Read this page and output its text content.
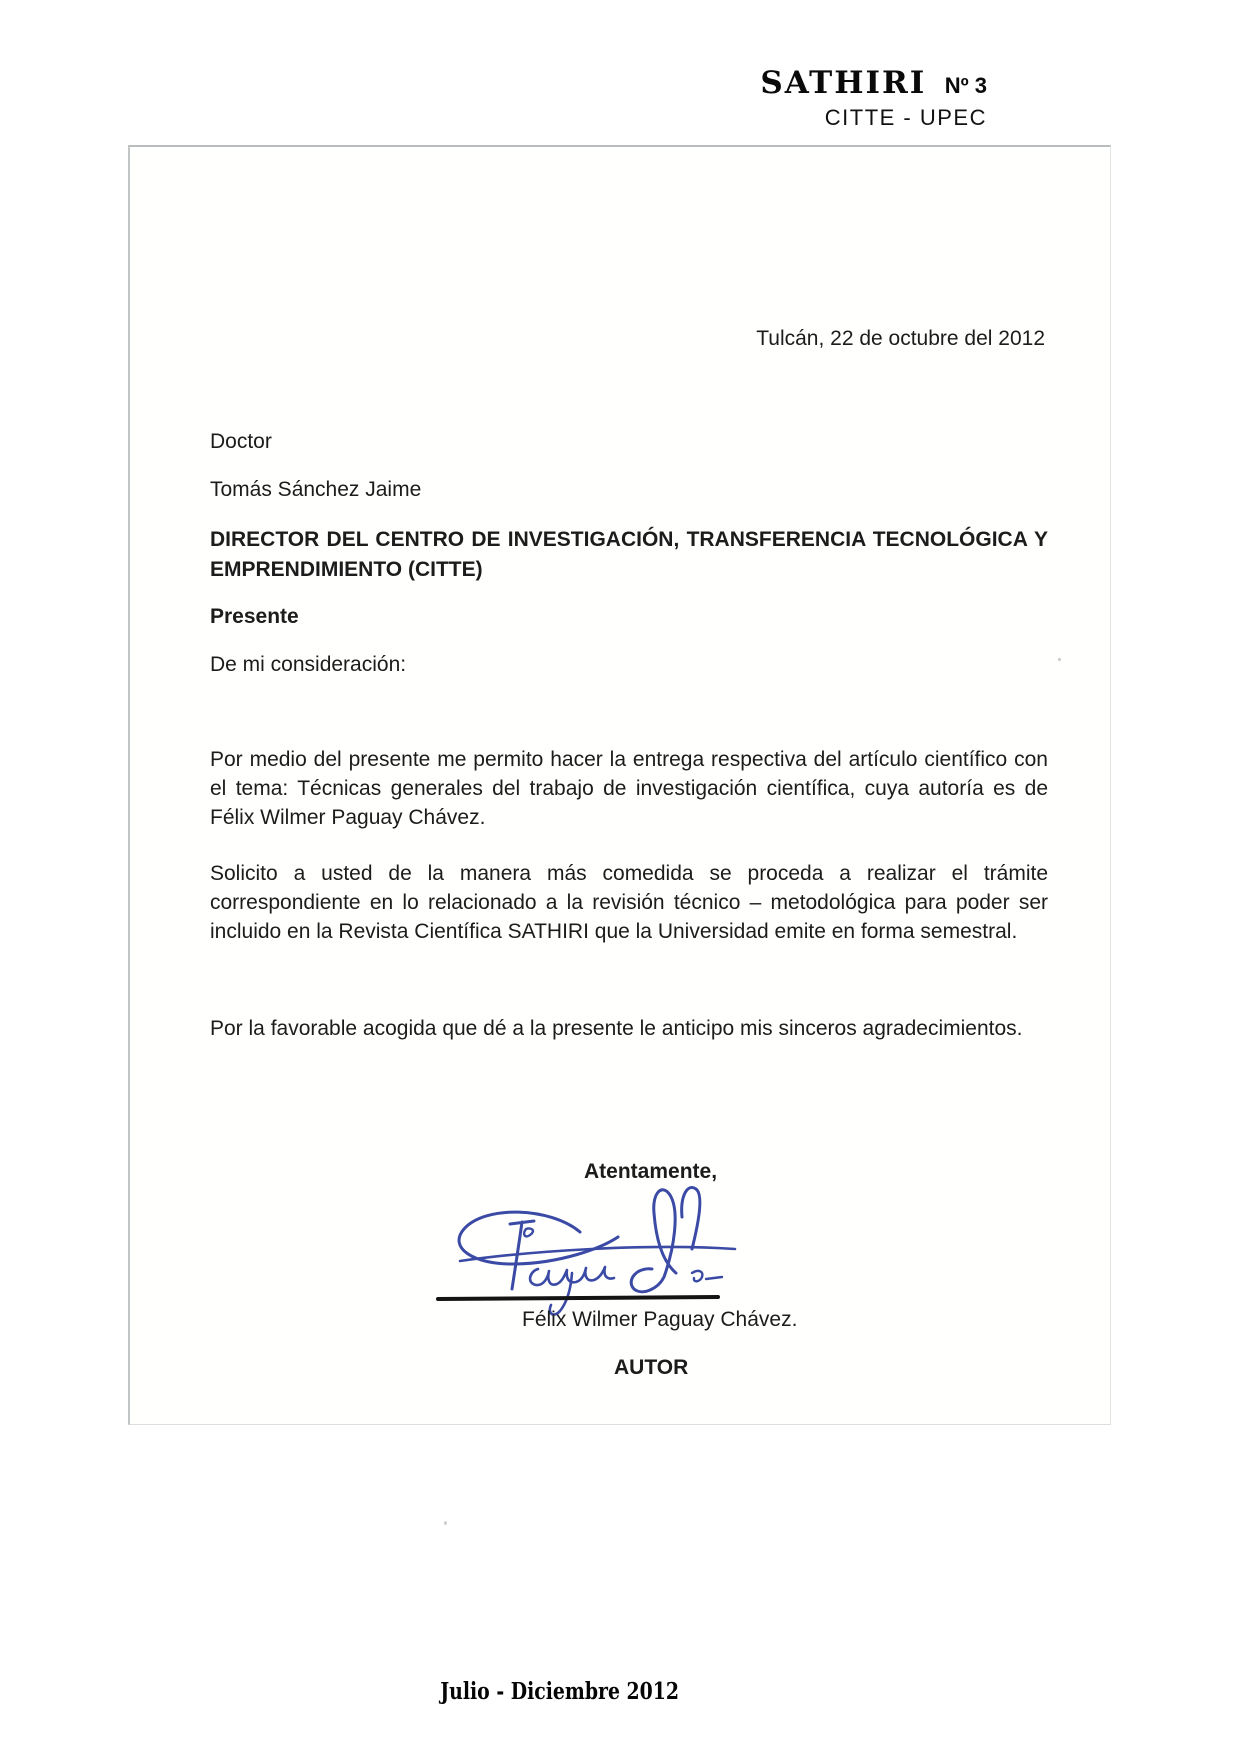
SATHIRI Nº 3
CITTE - UPEC

Tulcán, 22 de octubre del 2012

Doctor

Tomás Sánchez Jaime

DIRECTOR DEL CENTRO DE INVESTIGACIÓN, TRANSFERENCIA TECNOLÓGICA Y
EMPRENDIMIENTO (CITTE)

Presente

De mi consideración:

Por medio del presente me permito hacer la entrega respectiva del artículo científico con el tema: Técnicas generales del trabajo de investigación científica, cuya autoría es de Félix Wilmer Paguay Chávez.

Solicito a usted de la manera más comedida se proceda a realizar el trámite correspondiente en lo relacionado a la revisión técnico – metodológica para poder ser incluido en la Revista Científica SATHIRI que la Universidad emite en forma semestral.

Por la favorable acogida que dé a la presente le anticipo mis sinceros agradecimientos.

Atentamente,

Félix Wilmer Paguay Chávez.

AUTOR

Julio - Diciembre 2012
